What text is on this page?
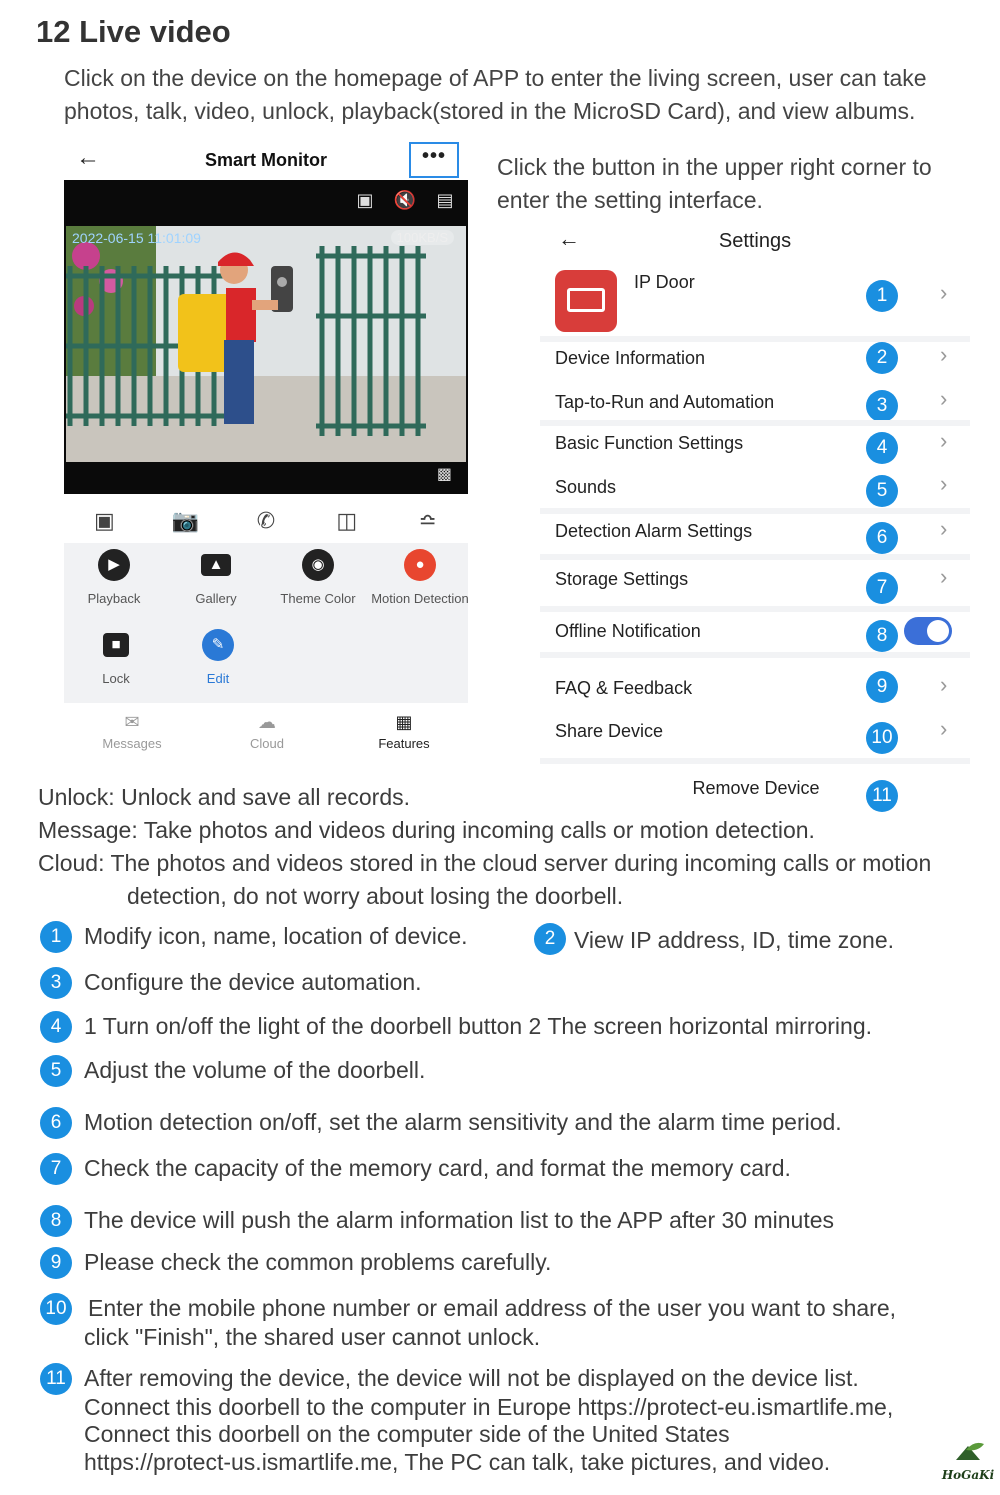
12 Live video
Click on the device on the homepage of APP to enter the living screen, user can take photos, talk, video, unlock, playback(stored in the MicroSD Card), and view albums.
←	Smart Monitor	•••
▣ 🔇 ▤
2022-06-15 11:01:09	100KB/S
▩
▣	📷	✆	◫	≏
▶
Playback
▲
Gallery
◉
Theme Color
●
Motion Detection
■
Lock
✎
Edit
✉
Messages
☁
Cloud
▦
Features
Click the button in the upper right corner to enter the setting interface.
←	Settings
IP Door
1	›
Device Information	2	›
Tap-to-Run and Automation	3	›
Basic Function Settings	4	›
Sounds	5	›
Detection Alarm Settings	6	›
Storage Settings	7	›
Offline Notification	8
FAQ & Feedback	9	›
Share Device	10 ›
Remove Device	11
Unlock: Unlock and save all records.
Message: Take photos and videos during incoming calls or motion detection.
Cloud: The photos and videos stored in the cloud server during incoming calls or motion
detection, do not worry about losing the doorbell.
1 Modify icon, name, location of device.	2 View IP address, ID, time zone.
3 Configure the device automation.
4 1 Turn on/off the light of the doorbell button 2 The screen horizontal mirroring.
5 Adjust the volume of the doorbell.
6 Motion detection on/off, set the alarm sensitivity and the alarm time period.
7 Check the capacity of the memory card, and format the memory card.
8 The device will push the alarm information list to the APP after 30 minutes
9 Please check the common problems carefully.
10 Enter the mobile phone number or email address of the user you want to share,
click "Finish", the shared user cannot unlock.
11 After removing the device, the device will not be displayed on the device list.
Connect this doorbell to the computer in Europe https://protect-eu.ismartlife.me,
Connect this doorbell on the computer side of the United States
https://protect-us.ismartlife.me, The PC can talk, take pictures, and video.	HoGaKi
